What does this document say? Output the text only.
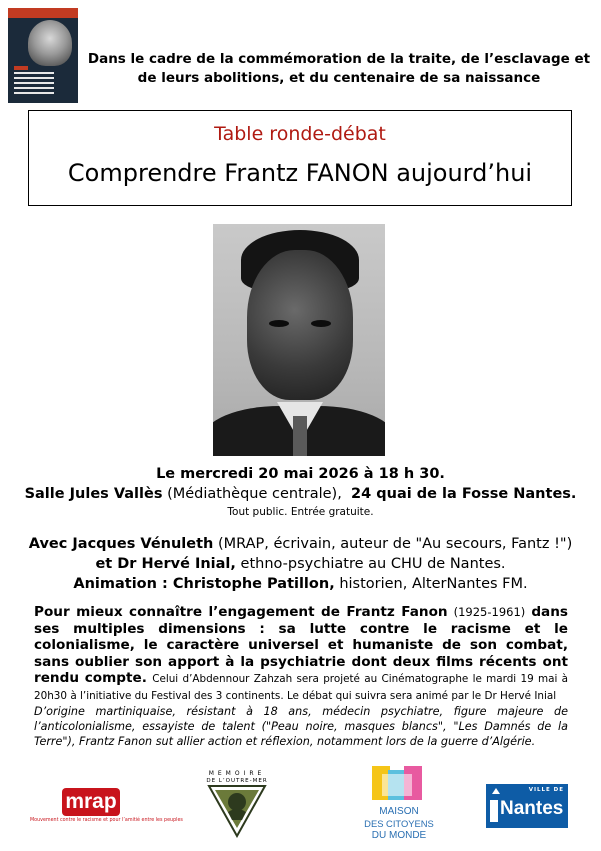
Dans le cadre de la commémoration de la traite, de l’esclavage et de leurs abolitions, et du centenaire de sa naissance
Table ronde-débat
Comprendre Frantz FANON aujourd’hui
Le mercredi 20 mai 2026 à 18 h 30.
Salle Jules Vallès (Médiathèque centrale), 24 quai de la Fosse Nantes.
Tout public. Entrée gratuite.
Avec Jacques Vénuleth (MRAP, écrivain, auteur de "Au secours, Fantz !")
et Dr Hervé Inial, ethno-psychiatre au CHU de Nantes.
Animation : Christophe Patillon, historien, AlterNantes FM.
Pour mieux connaître l’engagement de Frantz Fanon (1925-1961) dans ses multiples dimensions : sa lutte contre le racisme et le colonialisme, le caractère universel et humaniste de son combat, sans oublier son apport à la psychiatrie dont deux films récents ont rendu compte. Celui d’Abdennour Zahzah sera projeté au Cinématographe le mardi 19 mai à 20h30 à l’initiative du Festival des 3 continents. Le débat qui suivra sera animé par le Dr Hervé Inial
D’origine martiniquaise, résistant à 18 ans, médecin psychiatre, figure majeure de l’anticolonialisme, essayiste de talent ("Peau noire, masques blancs", "Les Damnés de la Terre"), Frantz Fanon sut allier action et réflexion, notamment lors de la guerre d’Algérie.
mrap
Mouvement contre le racisme et pour l’amitié entre les peuples
MEMOIRE
DE L’OUTRE-MER
MAISON
DES CITOYENS
DU MONDE
VILLE DE
Nantes
